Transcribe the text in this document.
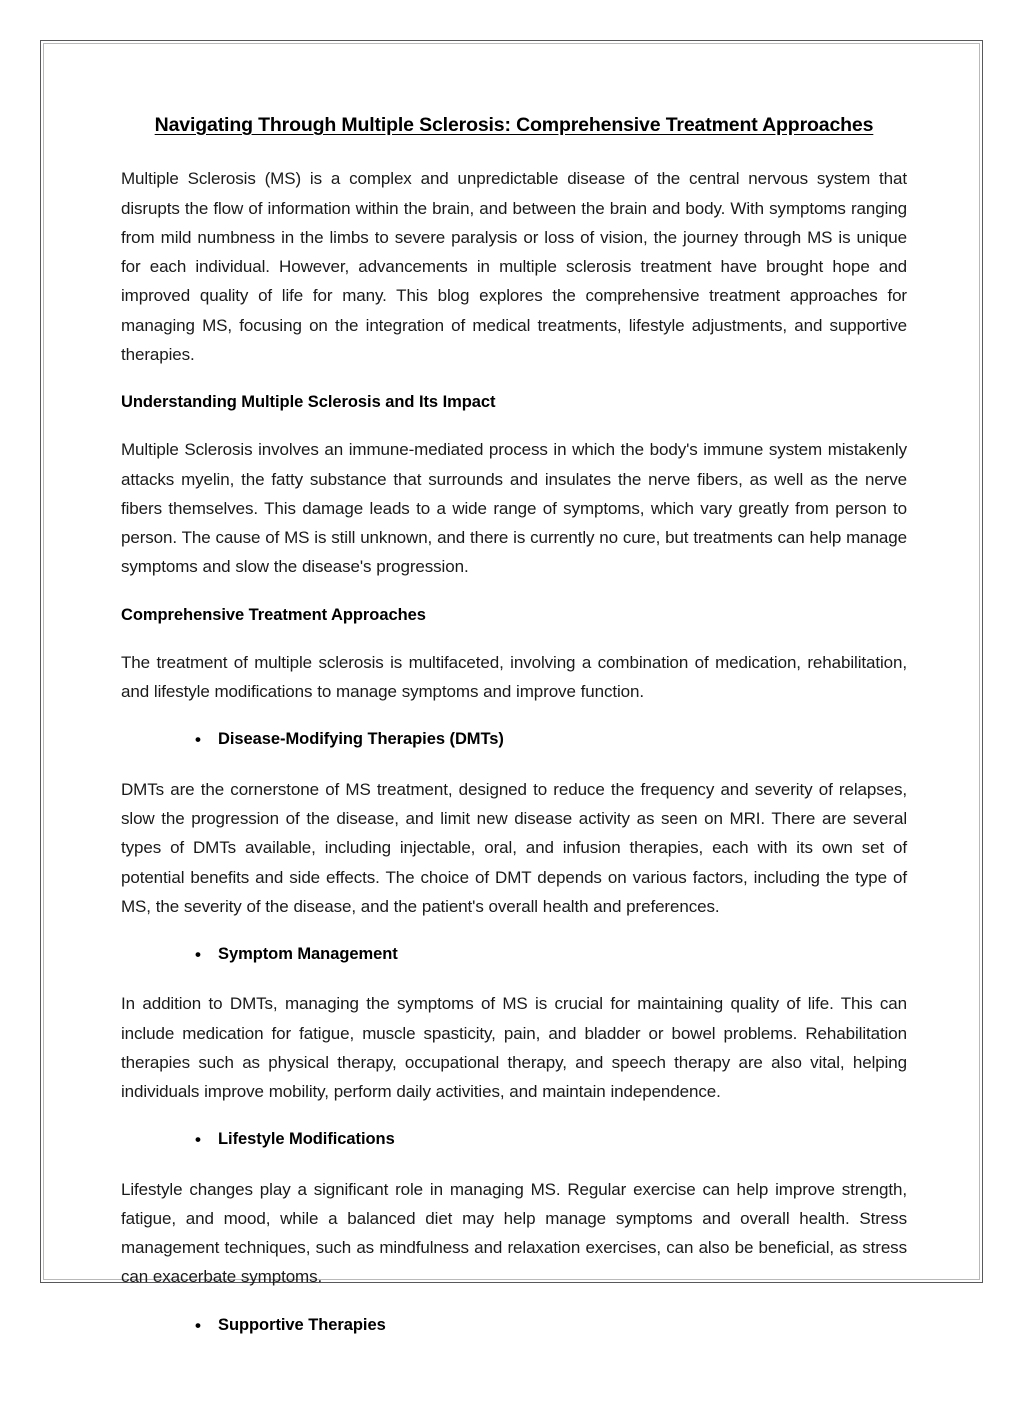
Navigating Through Multiple Sclerosis: Comprehensive Treatment Approaches

Multiple Sclerosis (MS) is a complex and unpredictable disease of the central nervous system that disrupts the flow of information within the brain, and between the brain and body. With symptoms ranging from mild numbness in the limbs to severe paralysis or loss of vision, the journey through MS is unique for each individual. However, advancements in multiple sclerosis treatment have brought hope and improved quality of life for many. This blog explores the comprehensive treatment approaches for managing MS, focusing on the integration of medical treatments, lifestyle adjustments, and supportive therapies.

Understanding Multiple Sclerosis and Its Impact

Multiple Sclerosis involves an immune-mediated process in which the body's immune system mistakenly attacks myelin, the fatty substance that surrounds and insulates the nerve fibers, as well as the nerve fibers themselves. This damage leads to a wide range of symptoms, which vary greatly from person to person. The cause of MS is still unknown, and there is currently no cure, but treatments can help manage symptoms and slow the disease's progression.

Comprehensive Treatment Approaches

The treatment of multiple sclerosis is multifaceted, involving a combination of medication, rehabilitation, and lifestyle modifications to manage symptoms and improve function.

• Disease-Modifying Therapies (DMTs)

DMTs are the cornerstone of MS treatment, designed to reduce the frequency and severity of relapses, slow the progression of the disease, and limit new disease activity as seen on MRI. There are several types of DMTs available, including injectable, oral, and infusion therapies, each with its own set of potential benefits and side effects. The choice of DMT depends on various factors, including the type of MS, the severity of the disease, and the patient's overall health and preferences.

• Symptom Management

In addition to DMTs, managing the symptoms of MS is crucial for maintaining quality of life. This can include medication for fatigue, muscle spasticity, pain, and bladder or bowel problems. Rehabilitation therapies such as physical therapy, occupational therapy, and speech therapy are also vital, helping individuals improve mobility, perform daily activities, and maintain independence.

• Lifestyle Modifications

Lifestyle changes play a significant role in managing MS. Regular exercise can help improve strength, fatigue, and mood, while a balanced diet may help manage symptoms and overall health. Stress management techniques, such as mindfulness and relaxation exercises, can also be beneficial, as stress can exacerbate symptoms.

• Supportive Therapies
